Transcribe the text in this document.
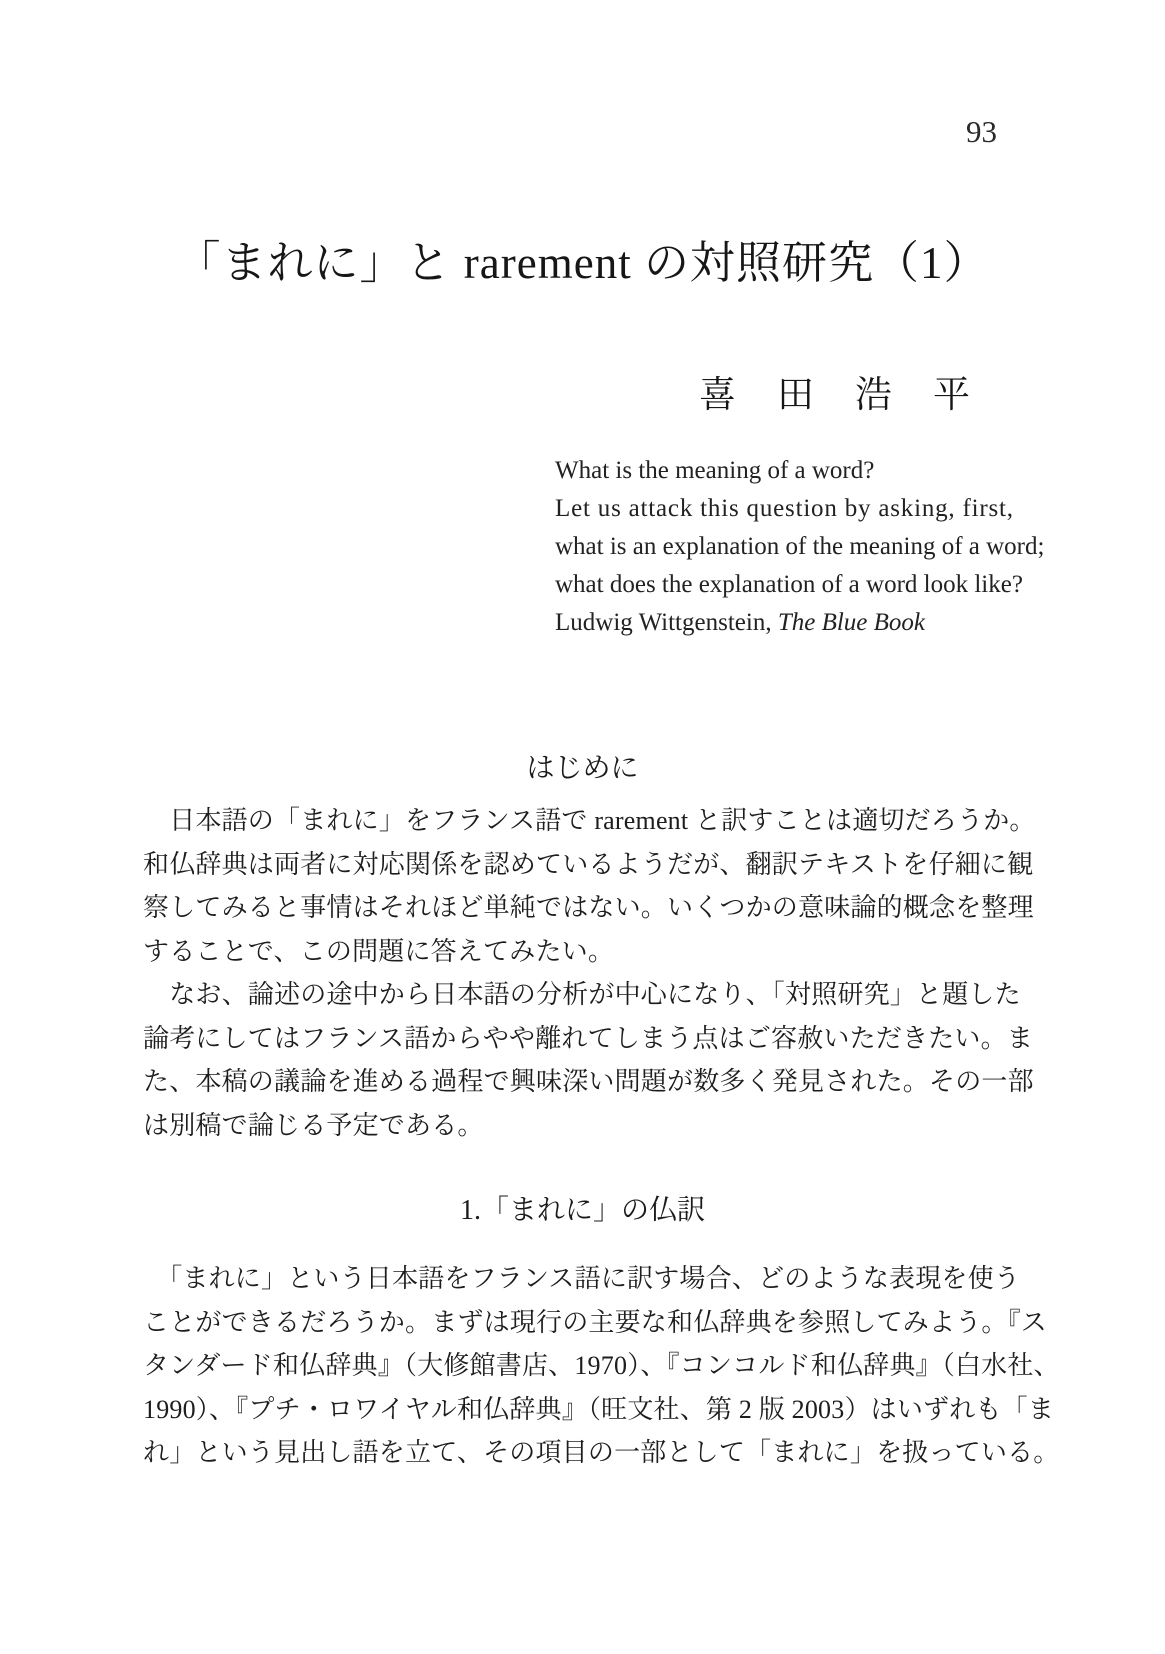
93
「まれに」と rarement の対照研究（1）
喜　田　浩　平
What is the meaning of a word?
Let us attack this question by asking, first,
what is an explanation of the meaning of a word;
what does the explanation of a word look like?
Ludwig Wittgenstein, The Blue Book
はじめに
　日本語の「まれに」をフランス語で rarement と訳すことは適切だろうか。
和仏辞典は両者に対応関係を認めているようだが、翻訳テキストを仔細に観
察してみると事情はそれほど単純ではない。いくつかの意味論的概念を整理
することで、この問題に答えてみたい。
　なお、論述の途中から日本語の分析が中心になり、「対照研究」と題した
論考にしてはフランス語からやや離れてしまう点はご容赦いただきたい。ま
た、本稿の議論を進める過程で興味深い問題が数多く発見された。その一部
は別稿で論じる予定である。
1.「まれに」の仏訳
　「まれに」という日本語をフランス語に訳す場合、どのような表現を使う
ことができるだろうか。まずは現行の主要な和仏辞典を参照してみよう。『ス
タンダード和仏辞典』（大修館書店、1970）、『コンコルド和仏辞典』（白水社、
1990）、『プチ・ロワイヤル和仏辞典』（旺文社、第 2 版 2003）はいずれも「ま
れ」という見出し語を立て、その項目の一部として「まれに」を扱っている。
